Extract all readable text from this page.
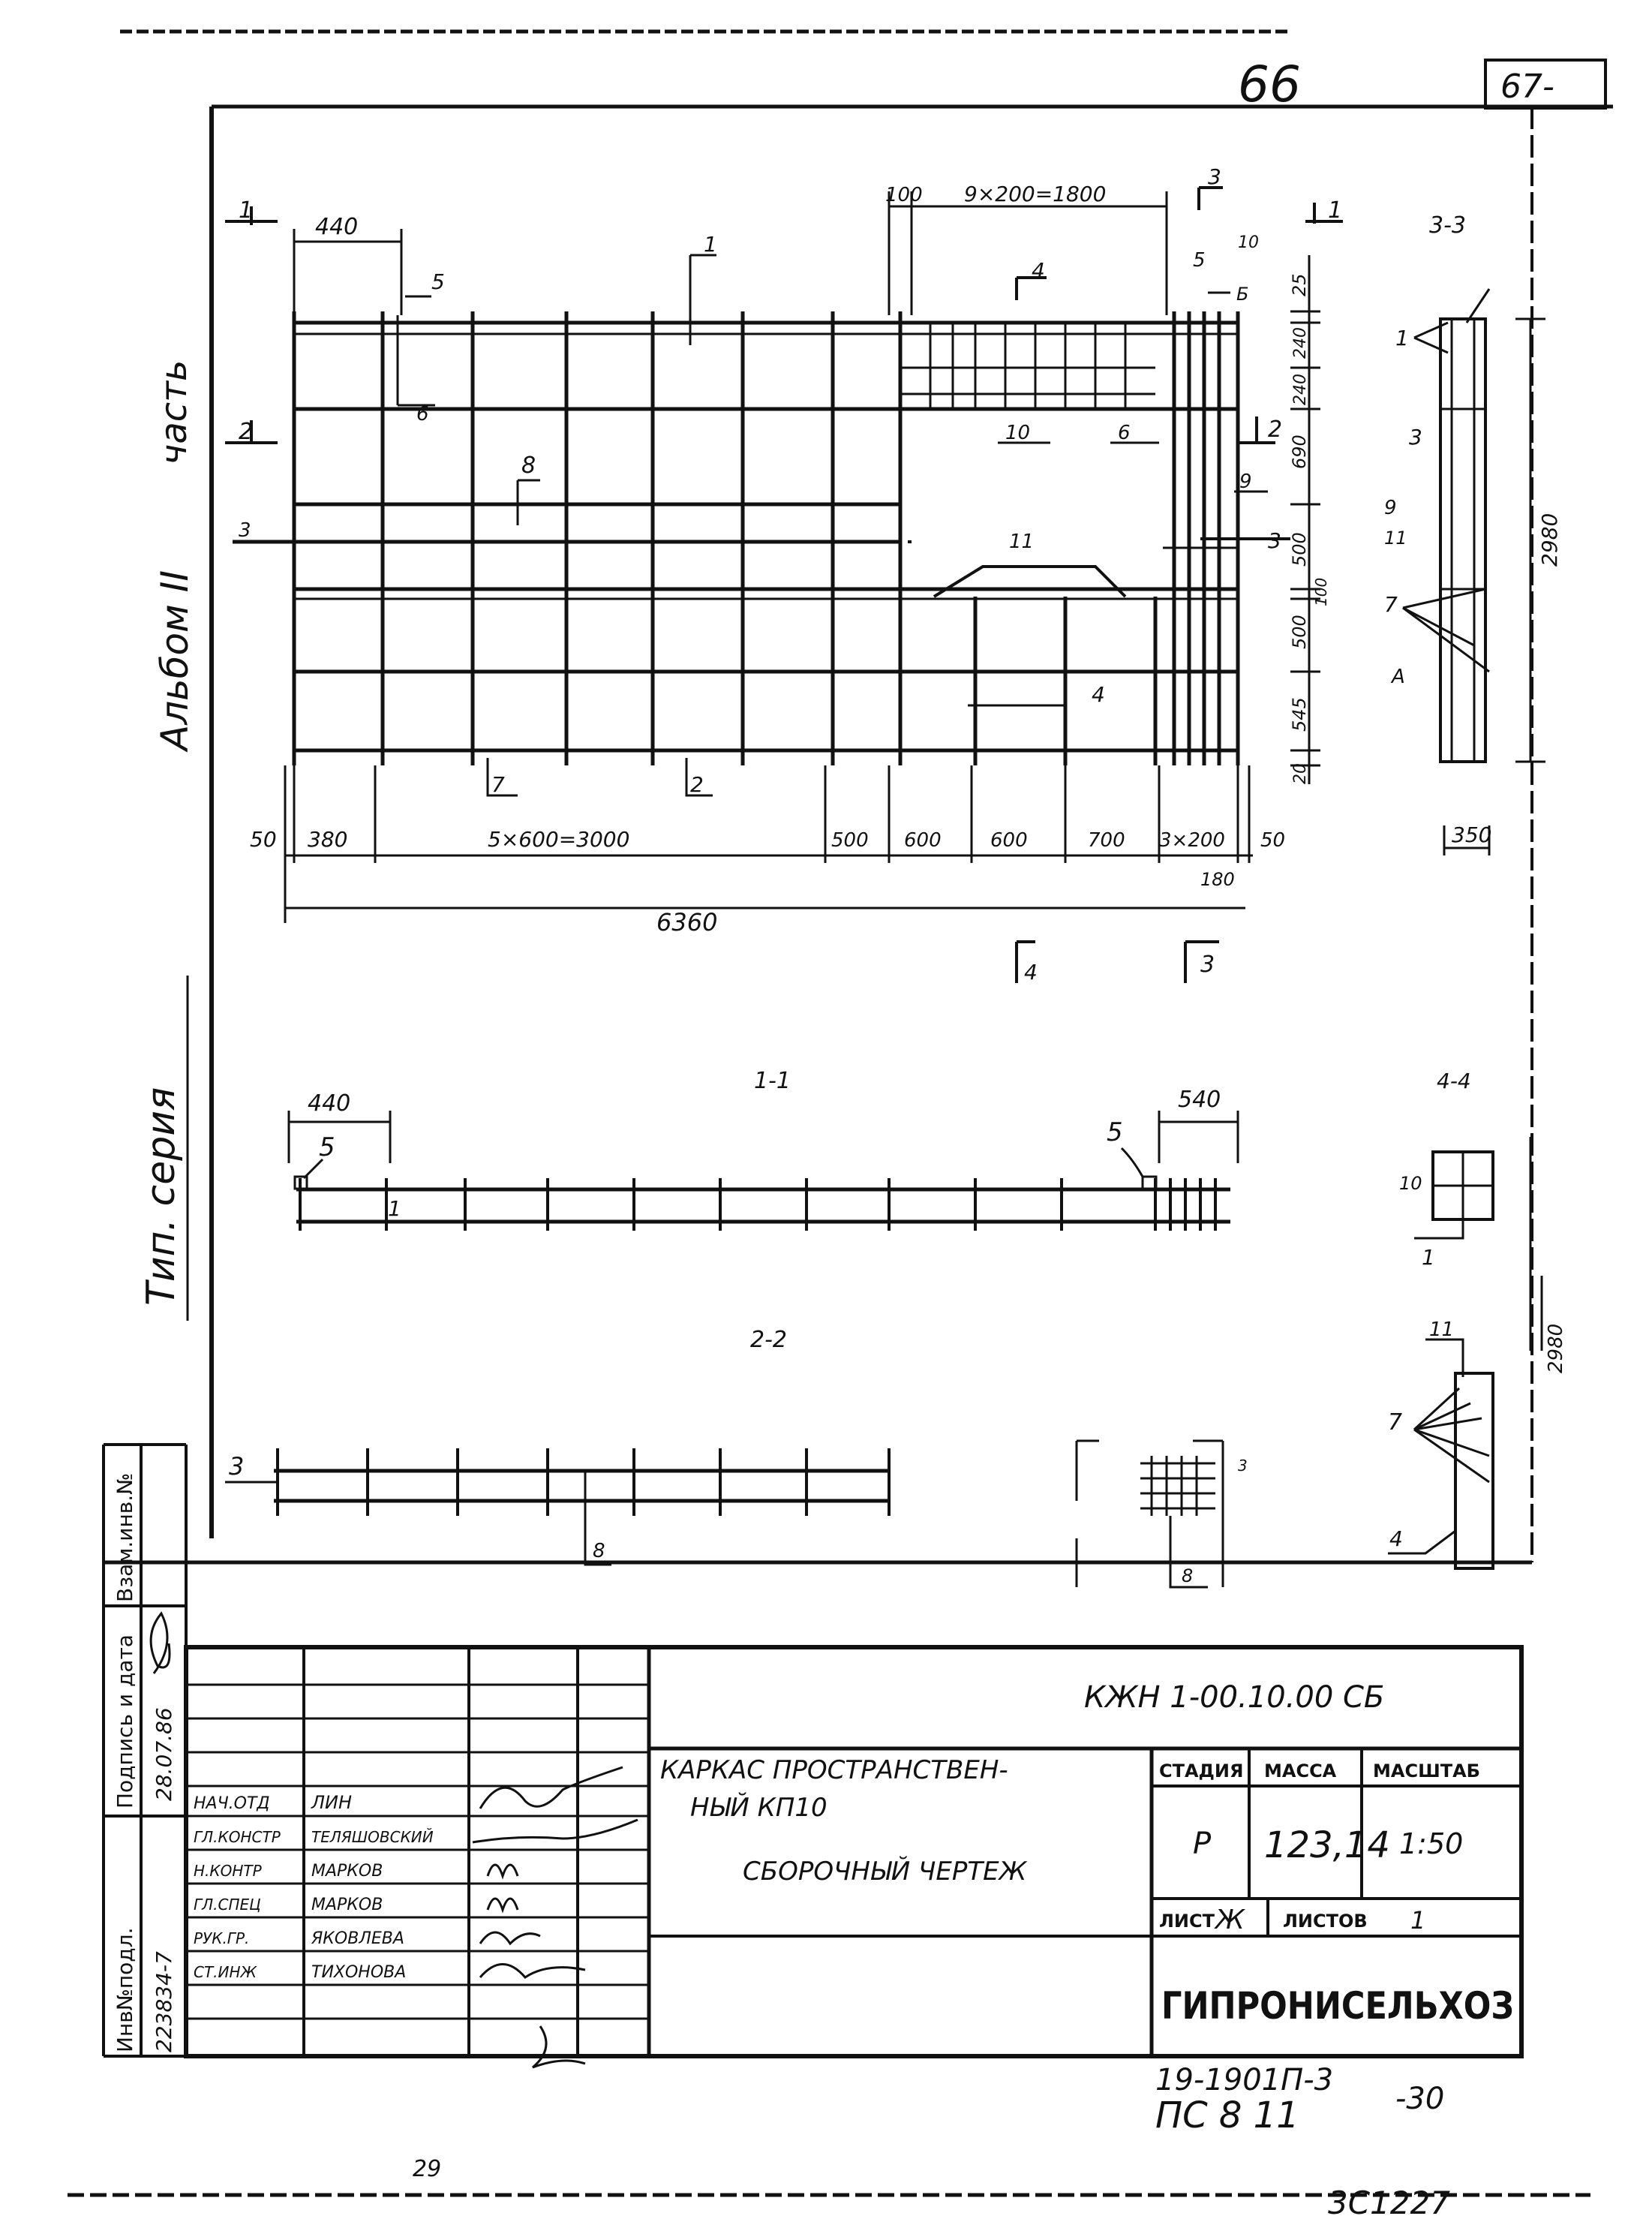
66	67-
часть
Альбом II
Тип. серия
Взам.инв.№
Подпись и дата
Инв№подл.
28.07.86
223834-7
440
100 9×200=1800
50 380	5×600=3000	500 600	600	700 3×200
180
50
6360
25
240
240
690
500
100
500
545
20
10
1
5
6
8
10	6
9
11
4
7	2
5
Б
1	1
2	2
3	3
3
3
4
4
3-3
2980
350
1
3
9
11
7
А
1-1
440	540
5	5
1
4-4
10
1
2-2
3
8
3
8
2980
11
7
4
КЖН 1-00.10.00 СБ
КАРКАС ПРОСТРАНСТВЕН-
НЫЙ КП10
СБОРОЧНЫЙ ЧЕРТЕЖ
СТАДИЯ МАССА МАСШТАБ
Р 123,14 1:50
ЛИСТ Ж ЛИСТОВ 1
ГИПРОНИСЕЛЬХОЗ
НАЧ.ОТД ЛИН
ГЛ.КОНСТР ТЕЛЯШОВСКИЙ
Н.КОНТР	МАРКОВ
ГЛ.СПЕЦ	МАРКОВ
РУК.ГР.	ЯКОВЛЕВА
СТ.ИНЖ	ТИХОНОВА
19-1901П-3
ПС 8 11	-30
29
3С1227
